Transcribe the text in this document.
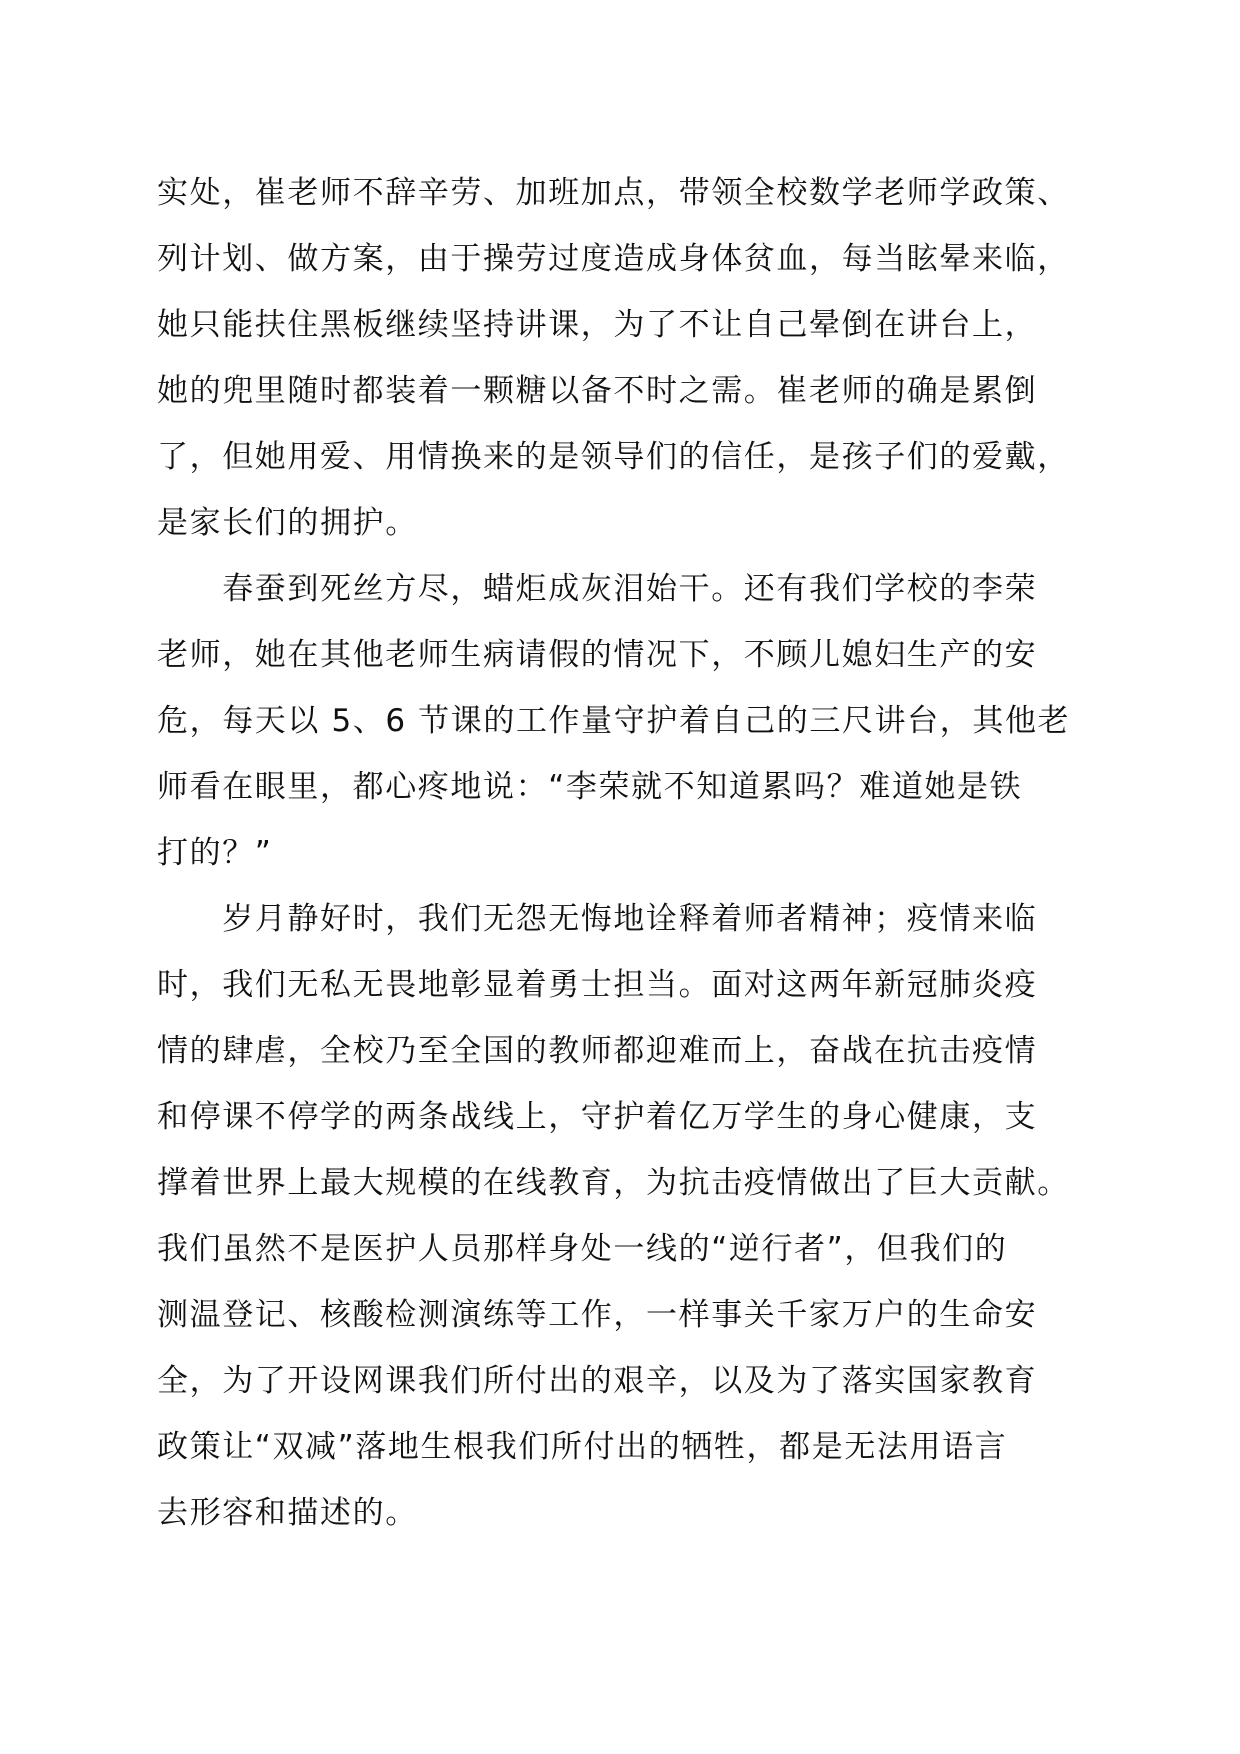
实处，崔老师不辞辛劳、加班加点，带领全校数学老师学政策、
列计划、做方案，由于操劳过度造成身体贫血，每当眩晕来临，
她只能扶住黑板继续坚持讲课，为了不让自己晕倒在讲台上，
她的兜里随时都装着一颗糖以备不时之需。崔老师的确是累倒
了，但她用爱、用情换来的是领导们的信任，是孩子们的爱戴，
是家长们的拥护。
　　春蚕到死丝方尽，蜡炬成灰泪始干。还有我们学校的李荣
老师，她在其他老师生病请假的情况下，不顾儿媳妇生产的安
危，每天以 5、6 节课的工作量守护着自己的三尺讲台，其他老
师看在眼里，都心疼地说：“李荣就不知道累吗？难道她是铁
打的？”
　　岁月静好时，我们无怨无悔地诠释着师者精神；疫情来临
时，我们无私无畏地彰显着勇士担当。面对这两年新冠肺炎疫
情的肆虐，全校乃至全国的教师都迎难而上，奋战在抗击疫情
和停课不停学的两条战线上，守护着亿万学生的身心健康，支
撑着世界上最大规模的在线教育，为抗击疫情做出了巨大贡献。
我们虽然不是医护人员那样身处一线的“逆行者”，但我们的
测温登记、核酸检测演练等工作，一样事关千家万户的生命安
全，为了开设网课我们所付出的艰辛，以及为了落实国家教育
政策让“双减”落地生根我们所付出的牺牲，都是无法用语言
去形容和描述的。
